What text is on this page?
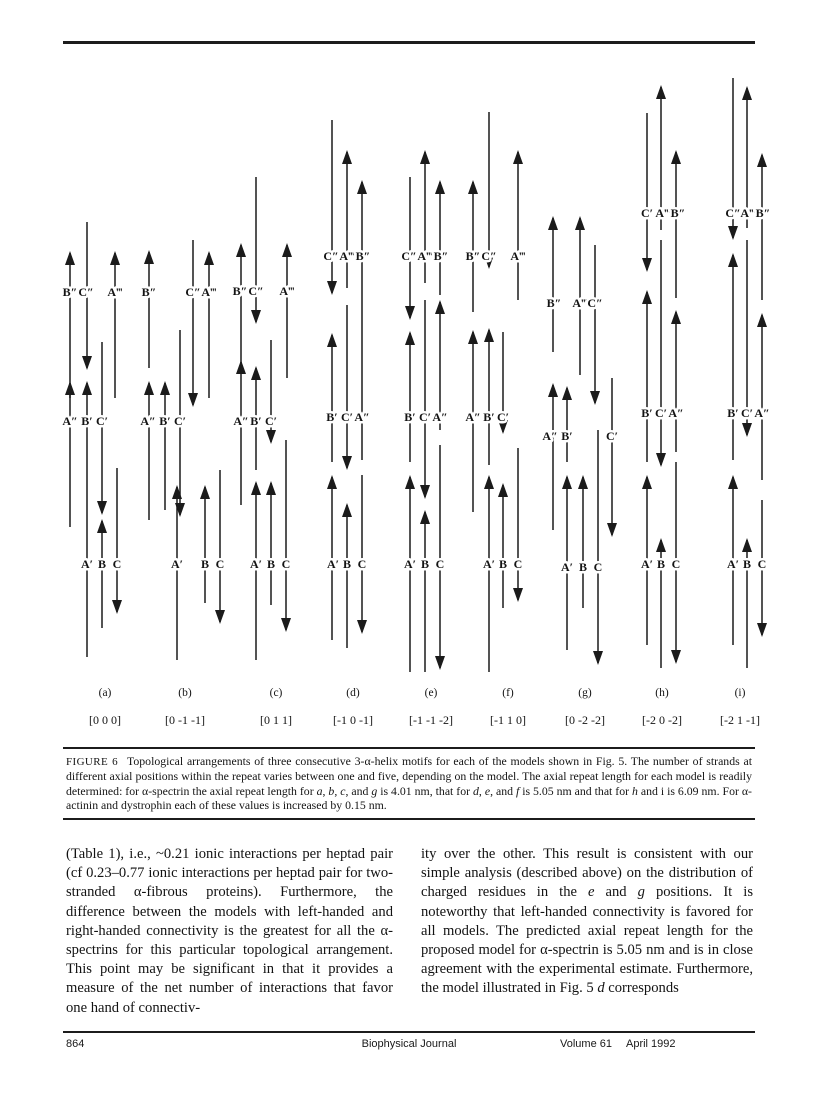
B″ C″ A‴
A″ B′ C′
A′ B C
(a)
[0 0 0]
B″ C″ A‴
A″ B′ C′
A′ B C
(b)
[0 -1 -1]
B″ C″ A‴
A″ B′ C′
A′ B C
(c)
[0 1 1]
C″ A‴ B″
B′ C′ A″
A′ B C
(d)
[-1 0 -1]
C″ A‴ B″
B′ C′ A″
A′ B C
(e)
[-1 -1 -2]
B″ C″ A‴
A″ B′ C′
A′ B C
(f)
[-1 1 0]
B″ A‴ C″
A″ B′	C′
A′ B C
(g)
[0 -2 -2]
C′ A‴ B″
B′ C′ A″
A′ B C
(h)
[-2 0 -2]
C″ A‴ B″
B′ C′ A″
A′ B C
(i)
[-2 1 -1]
FIGURE 6 Topological arrangements of three consecutive 3-α-helix motifs for each of the models shown in Fig. 5. The number of strands at different axial positions within the repeat varies between one and five, depending on the model. The axial repeat length for each model is readily determined: for α-spectrin the axial repeat length for a, b, c, and g is 4.01 nm, that for d, e, and f is 5.05 nm and that for h and i is 6.09 nm. For α-actinin and dystrophin each of these values is increased by 0.15 nm.
(Table 1), i.e., ~0.21 ionic interactions per heptad pair (cf 0.23–0.77 ionic interactions per heptad pair for two-stranded α-fibrous proteins). Furthermore, the difference between the models with left-handed and right-handed connectivity is the greatest for all the α-spectrins for this particular topological arrangement. This point may be significant in that it provides a measure of the net number of interactions that favor one hand of connectiv-
ity over the other. This result is consistent with our simple analysis (described above) on the distribution of charged residues in the e and g positions. It is noteworthy that left-handed connectivity is favored for all models. The predicted axial repeat length for the proposed model for α-spectrin is 5.05 nm and is in close agreement with the experimental estimate. Furthermore, the model illustrated in Fig. 5 d corresponds
864	Biophysical Journal	Volume 61 April 1992
